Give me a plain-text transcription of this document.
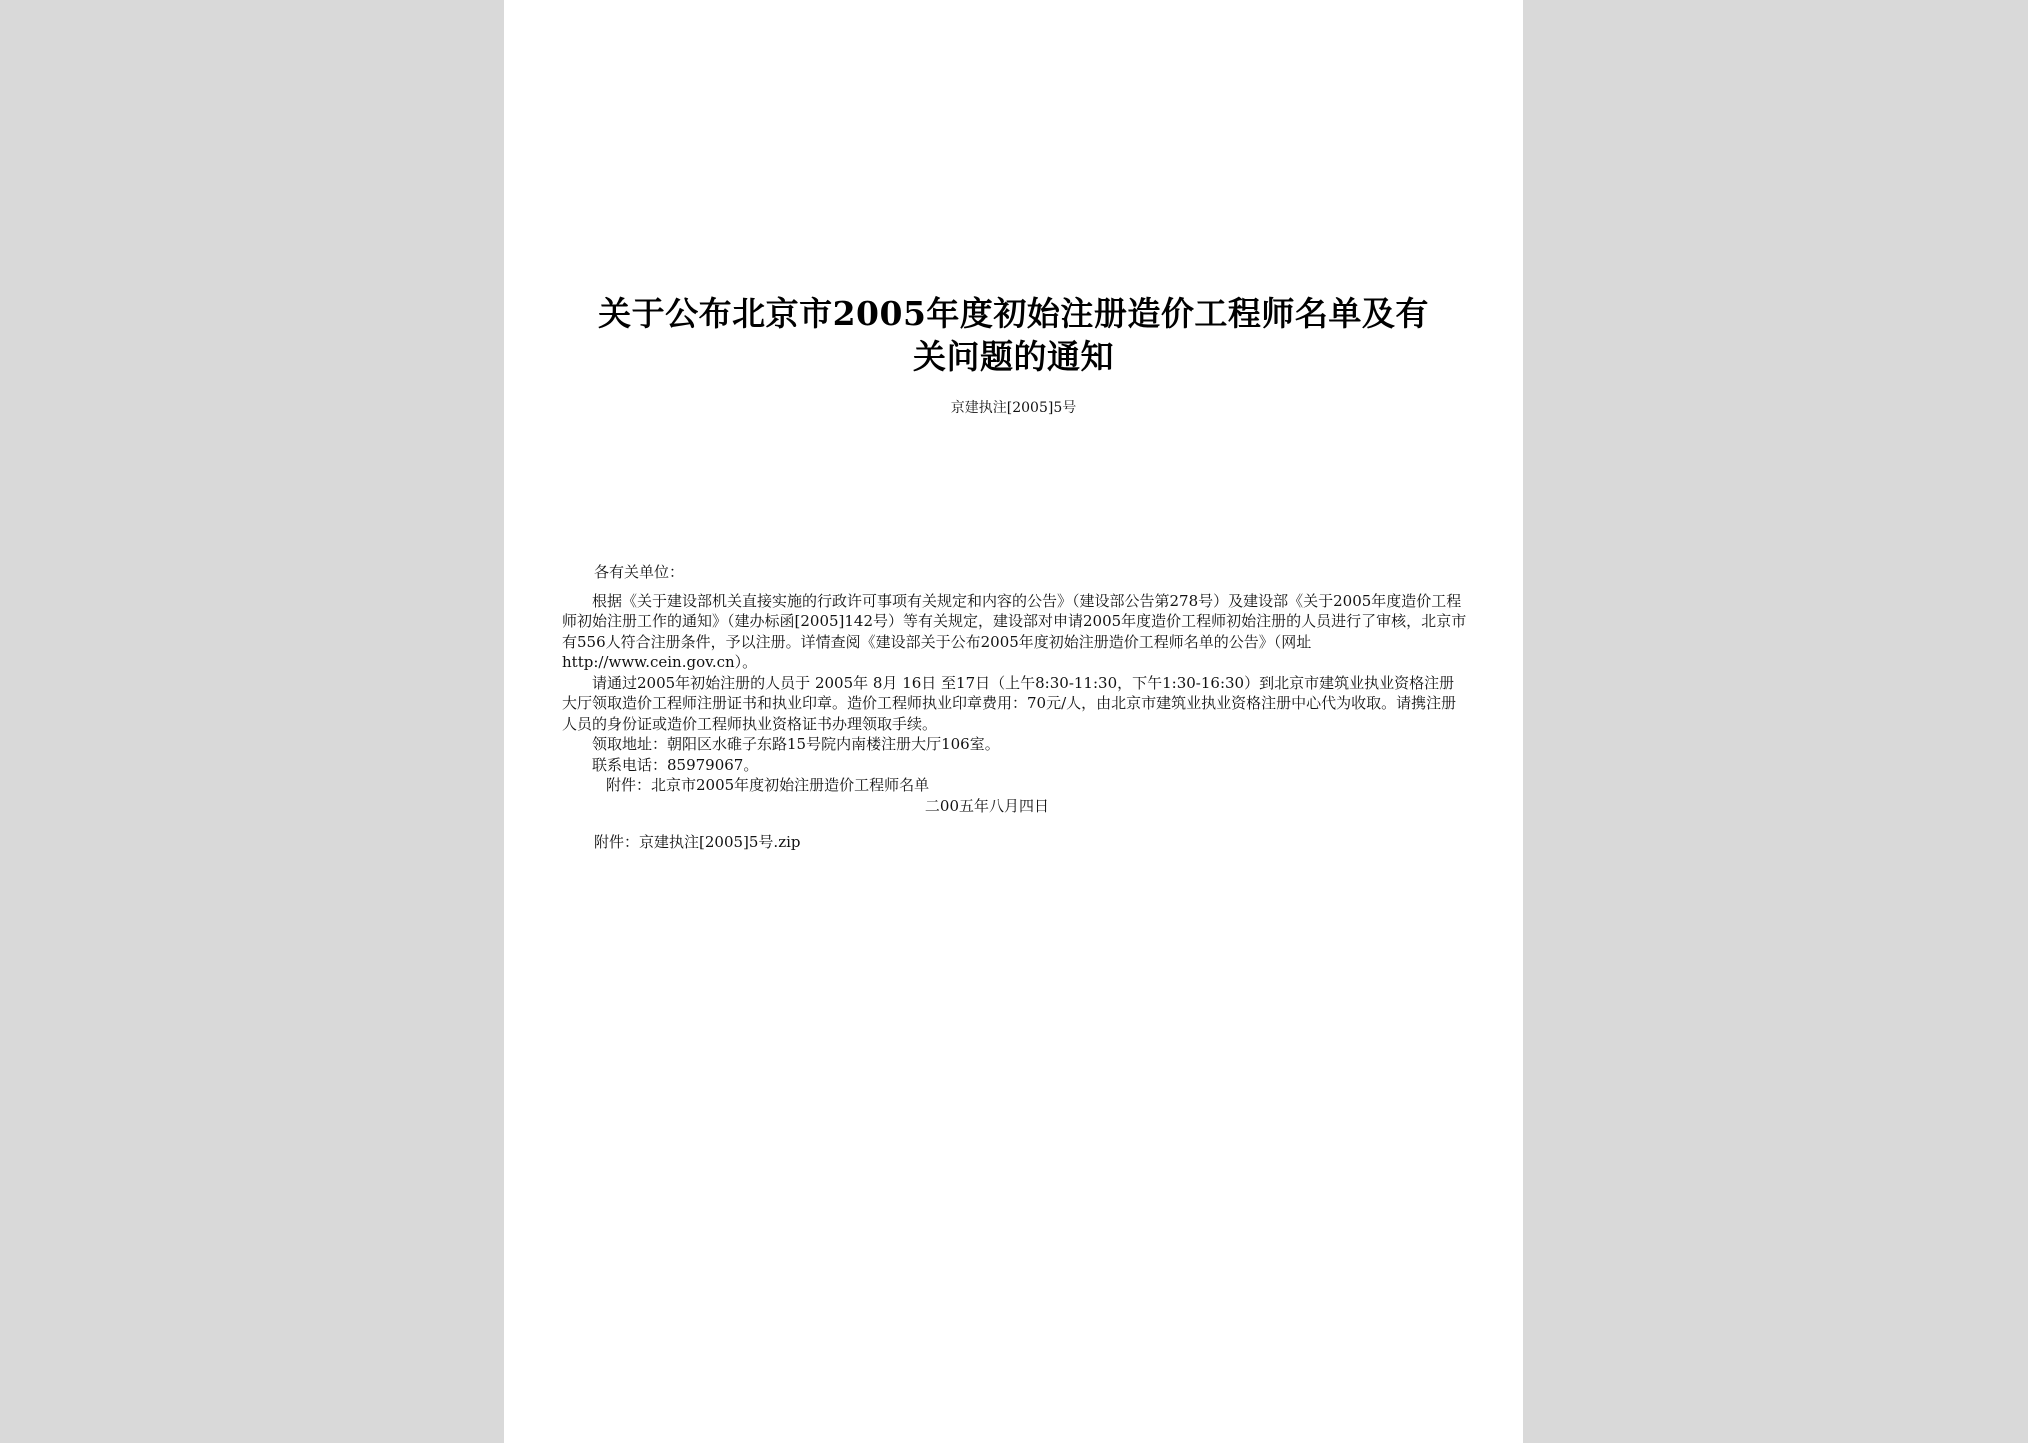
关于公布北京市2005年度初始注册造价工程师名单及有
关问题的通知
京建执注[2005]5号

各有关单位：

根据《关于建设部机关直接实施的行政许可事项有关规定和内容的公告》（建设部公告第278号）及建设部《关于2005年度造价工程师初始注册工作的通知》（建办标函[2005]142号）等有关规定，建设部对申请2005年度造价工程师初始注册的人员进行了审核，北京市有556人符合注册条件，予以注册。详情查阅《建设部关于公布2005年度初始注册造价工程师名单的公告》（网址http://www.cein.gov.cn）。

请通过2005年初始注册的人员于 2005年 8月 16日 至17日（上午8:30-11:30，下午1:30-16:30）到北京市建筑业执业资格注册大厅领取造价工程师注册证书和执业印章。造价工程师执业印章费用：70元/人，由北京市建筑业执业资格注册中心代为收取。请携注册人员的身份证或造价工程师执业资格证书办理领取手续。

领取地址：朝阳区水碓子东路15号院内南楼注册大厅106室。

联系电话：85979067。

附件：北京市2005年度初始注册造价工程师名单

二00五年八月四日

附件：京建执注[2005]5号.zip
